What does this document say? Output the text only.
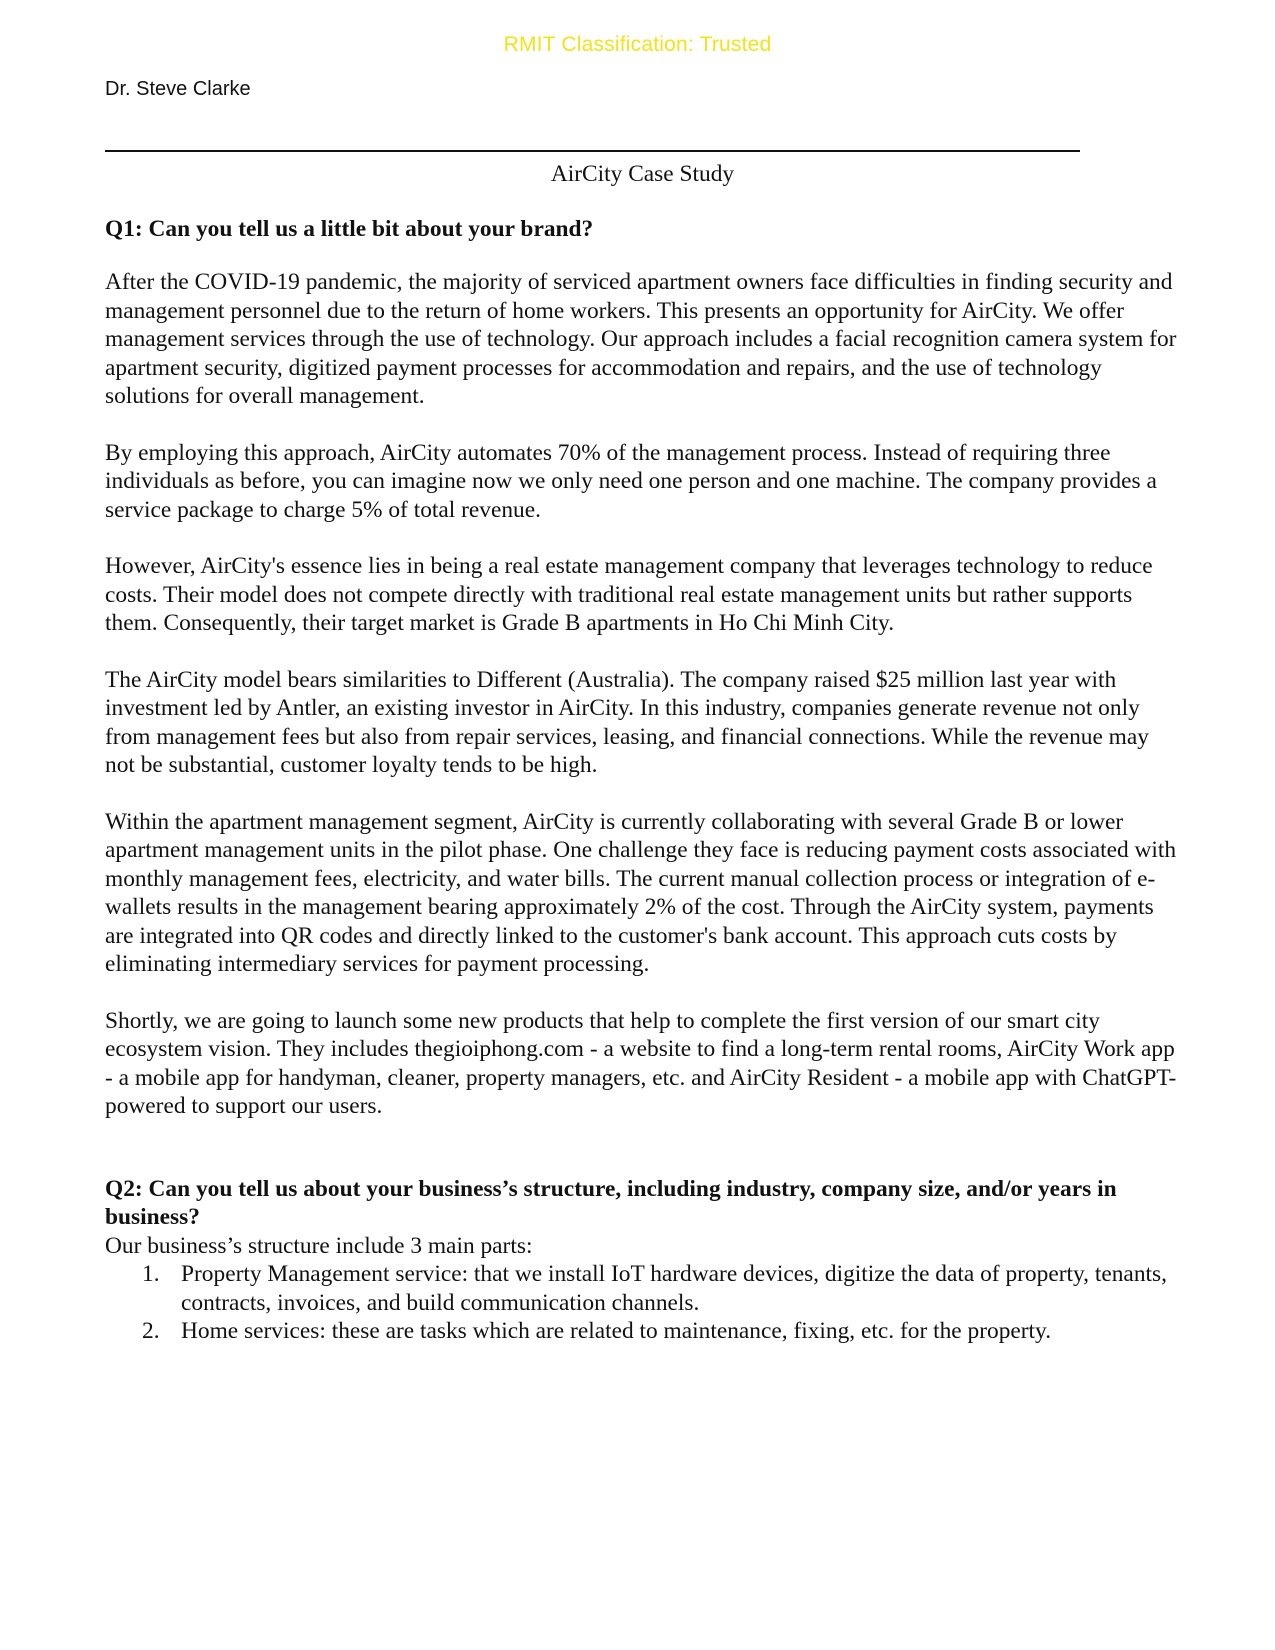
RMIT Classification: Trusted
Dr. Steve Clarke

AirCity Case Study

Q1: Can you tell us a little bit about your brand?

After the COVID-19 pandemic, the majority of serviced apartment owners face difficulties in finding security and management personnel due to the return of home workers. This presents an opportunity for AirCity. We offer management services through the use of technology. Our approach includes a facial recognition camera system for apartment security, digitized payment processes for accommodation and repairs, and the use of technology solutions for overall management.

By employing this approach, AirCity automates 70% of the management process. Instead of requiring three individuals as before, you can imagine now we only need one person and one machine. The company provides a service package to charge 5% of total revenue.

However, AirCity's essence lies in being a real estate management company that leverages technology to reduce costs. Their model does not compete directly with traditional real estate management units but rather supports them. Consequently, their target market is Grade B apartments in Ho Chi Minh City.

The AirCity model bears similarities to Different (Australia). The company raised $25 million last year with investment led by Antler, an existing investor in AirCity. In this industry, companies generate revenue not only from management fees but also from repair services, leasing, and financial connections. While the revenue may not be substantial, customer loyalty tends to be high.

Within the apartment management segment, AirCity is currently collaborating with several Grade B or lower apartment management units in the pilot phase. One challenge they face is reducing payment costs associated with monthly management fees, electricity, and water bills. The current manual collection process or integration of e-wallets results in the management bearing approximately 2% of the cost. Through the AirCity system, payments are integrated into QR codes and directly linked to the customer's bank account. This approach cuts costs by eliminating intermediary services for payment processing.

Shortly, we are going to launch some new products that help to complete the first version of our smart city ecosystem vision. They includes thegioiphong.com - a website to find a long-term rental rooms, AirCity Work app - a mobile app for handyman, cleaner, property managers, etc. and AirCity Resident - a mobile app with ChatGPT-powered to support our users.

Q2: Can you tell us about your business’s structure, including industry, company size, and/or years in business?

Our business’s structure include 3 main parts:

1. Property Management service: that we install IoT hardware devices, digitize the data of property, tenants, contracts, invoices, and build communication channels.
2. Home services: these are tasks which are related to maintenance, fixing, etc. for the property.
